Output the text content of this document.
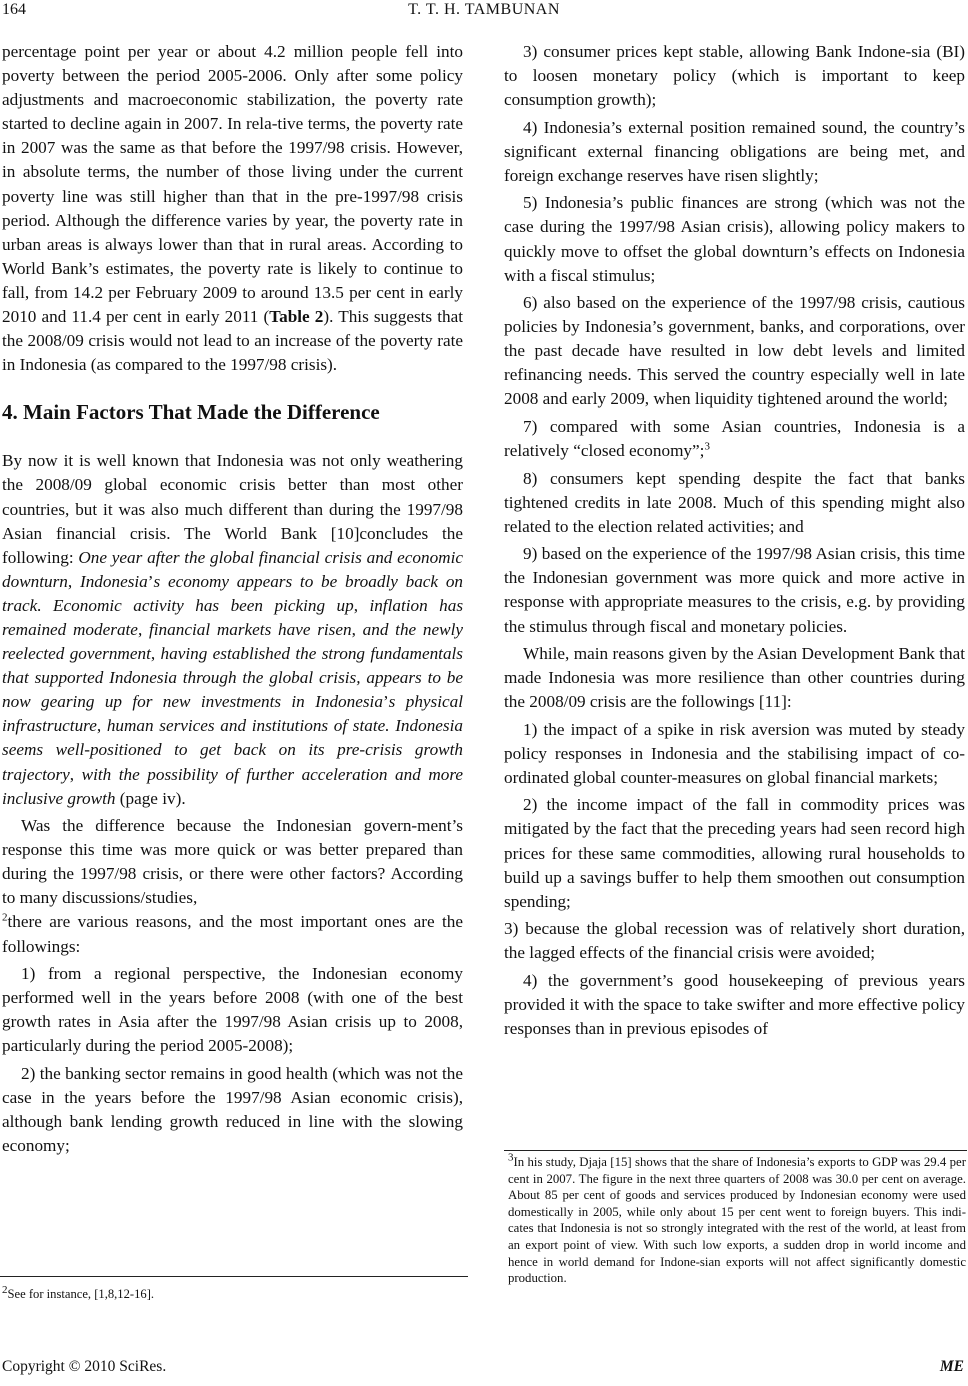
164	T. T. H. TAMBUNAN

percentage point per year or about 4.2 million people fell into poverty between the period 2005-2006. Only after some policy adjustments and macroeconomic stabilization, the poverty rate started to decline again in 2007. In rela-tive terms, the poverty rate in 2007 was the same as that before the 1997/98 crisis. However, in absolute terms, the number of those living under the current poverty line was still higher than that in the pre-1997/98 crisis period. Although the difference varies by year, the poverty rate in urban areas is always lower than that in rural areas. According to World Bank’s estimates, the poverty rate is likely to continue to fall, from 14.2 per February 2009 to around 13.5 per cent in early 2010 and 11.4 per cent in early 2011 (Table 2). This suggests that the 2008/09 crisis would not lead to an increase of the poverty rate in Indonesia (as compared to the 1997/98 crisis).

4. Main Factors That Made the Difference

By now it is well known that Indonesia was not only weathering the 2008/09 global economic crisis better than most other countries, but it was also much different than during the 1997/98 Asian financial crisis. The World Bank [10]concludes the following: One year after the global financial crisis and economic downturn, Indonesia’s economy appears to be broadly back on track. Economic activity has been picking up, inflation has remained moderate, financial markets have risen, and the newly reelected government, having established the strong fundamentals that supported Indonesia through the global crisis, appears to be now gearing up for new investments in Indonesia’s physical infrastructure, human services and institutions of state. Indonesia seems well-positioned to get back on its pre-crisis growth trajectory, with the possibility of further acceleration and more inclusive growth (page iv).

Was the difference because the Indonesian govern-ment’s response this time was more quick or was better prepared than during the 1997/98 crisis, or there were other factors? According to many discussions/studies,
$^2$there are various reasons, and the most important ones are the followings:

1) from a regional perspective, the Indonesian economy performed well in the years before 2008 (with one of the best growth rates in Asia after the 1997/98 Asian crisis up to 2008, particularly during the period 2005-2008);

2) the banking sector remains in good health (which was not the case in the years before the 1997/98 Asian economic crisis), although bank lending growth reduced in line with the slowing economy;

3) consumer prices kept stable, allowing Bank Indone-sia (BI) to loosen monetary policy (which is important to keep consumption growth);

4) Indonesia’s external position remained sound, the country’s significant external financing obligations are being met, and foreign exchange reserves have risen slightly;

5) Indonesia’s public finances are strong (which was not the case during the 1997/98 Asian crisis), allowing policy makers to quickly move to offset the global downturn’s effects on Indonesia with a fiscal stimulus;

6) also based on the experience of the 1997/98 crisis, cautious policies by Indonesia’s government, banks, and corporations, over the past decade have resulted in low debt levels and limited refinancing needs. This served the country especially well in late 2008 and early 2009, when liquidity tightened around the world;

7) compared with some Asian countries, Indonesia is a relatively “closed economy”;$^3$

8) consumers kept spending despite the fact that banks tightened credits in late 2008. Much of this spending might also related to the election related activities; and

9) based on the experience of the 1997/98 Asian crisis, this time the Indonesian government was more quick and more active in response with appropriate measures to the crisis, e.g. by providing the stimulus through fiscal and monetary policies.

While, main reasons given by the Asian Development Bank that made Indonesia was more resilience than other countries during the 2008/09 crisis are the followings [11]:

1) the impact of a spike in risk aversion was muted by steady policy responses in Indonesia and the stabilising impact of co-ordinated global counter-measures on global financial markets;

2) the income impact of the fall in commodity prices was mitigated by the fact that the preceding years had seen record high prices for these same commodities, allowing rural households to build up a savings buffer to help them smoothen out consumption spending;

3) because the global recession was of relatively short duration, the lagged effects of the financial crisis were avoided;

4) the government’s good housekeeping of previous years provided it with the space to take swifter and more effective policy responses than in previous episodes of

$^3$In his study, Djaja [15] shows that the share of Indonesia’s exports to GDP was 29.4 per cent in 2007. The figure in the next three quarters of 2008 was 30.0 per cent on average. About 85 per cent of goods and services produced by Indonesian economy were used domestically in 2005, while only about 15 per cent went to foreign buyers. This indi-cates that Indonesia is not so strongly integrated with the rest of the world, at least from an export point of view. With such low exports, a sudden drop in world income and hence in world demand for Indone-sian exports will not affect significantly domestic production.
$^2$See for instance, [1,8,12-16].
Copyright © 2010 SciRes.	ME
